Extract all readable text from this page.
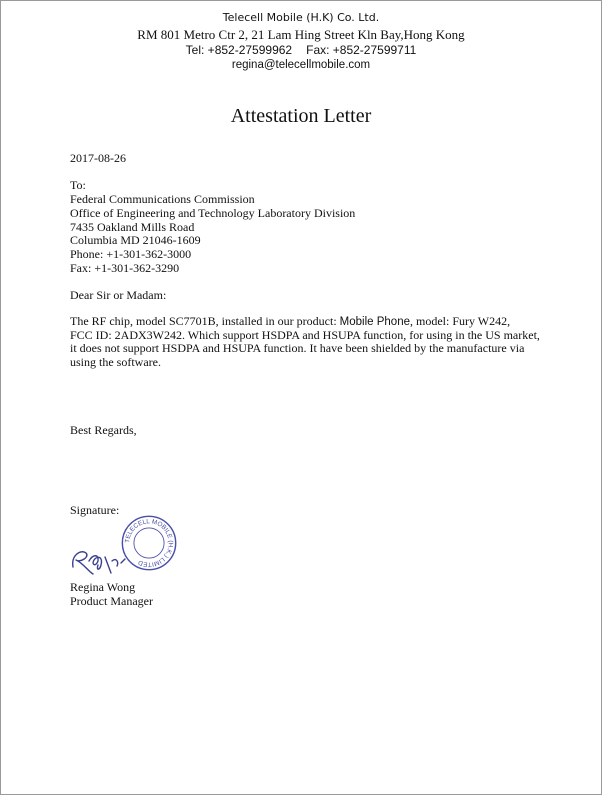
Telecell Mobile (H.K) Co. Ltd.
RM 801 Metro Ctr 2, 21 Lam Hing Street Kln Bay,Hong Kong
Tel: +852-27599962 Fax: +852-27599711
regina@telecellmobile.com
Attestation Letter
2017-08-26
To:
Federal Communications Commission
Office of Engineering and Technology Laboratory Division
7435 Oakland Mills Road
Columbia MD 21046-1609
Phone: +1-301-362-3000
Fax: +1-301-362-3290
Dear Sir or Madam:
The RF chip, model SC7701B, installed in our product: Mobile Phone, model: Fury W242,
FCC ID: 2ADX3W242. Which support HSDPA and HSUPA function, for using in the US market,
it does not support HSDPA and HSUPA function. It have been shielded by the manufacture via
using the software.
Best Regards,
Signature:
TELECELL MOBILE (H.K.) LIMITED
Regina Wong
Product Manager
